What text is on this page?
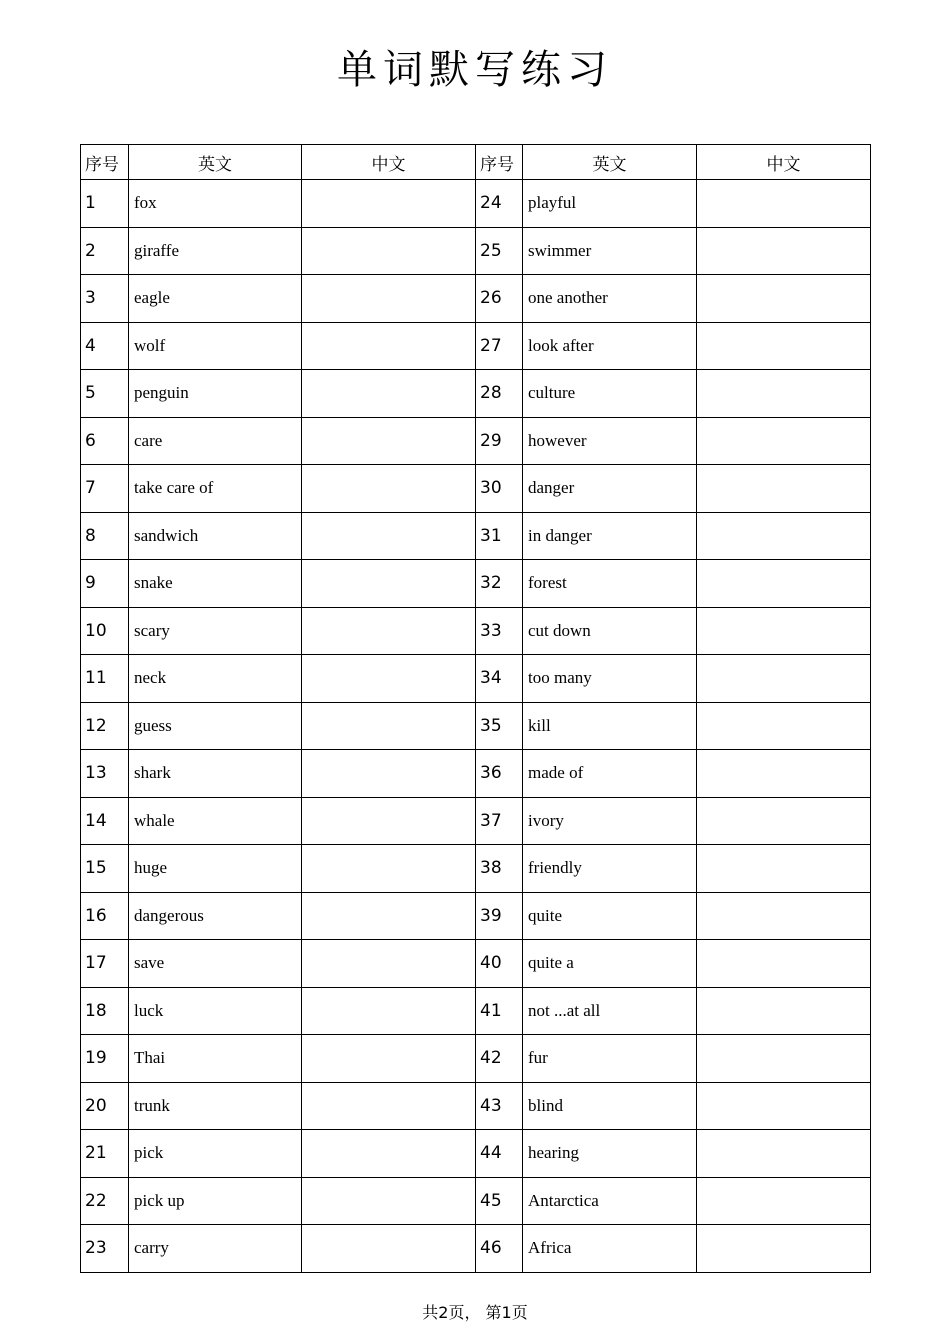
单词默写练习
序号	英文	中文	序号	英文	中文
1	fox		24	playful	
2	giraffe		25	swimmer	
3	eagle		26	one another	
4	wolf		27	look after	
5	penguin		28	culture	
6	care		29	however	
7	take care of		30	danger	
8	sandwich		31	in danger	
9	snake		32	forest	
10	scary		33	cut down	
11	neck		34	too many	
12	guess		35	kill	
13	shark		36	made of	
14	whale		37	ivory	
15	huge		38	friendly	
16	dangerous		39	quite	
17	save		40	quite a	
18	luck		41	not ...at all	
19	Thai		42	fur	
20	trunk		43	blind	
21	pick		44	hearing	
22	pick up		45	Antarctica	
23	carry		46	Africa	
共2页， 第1页
